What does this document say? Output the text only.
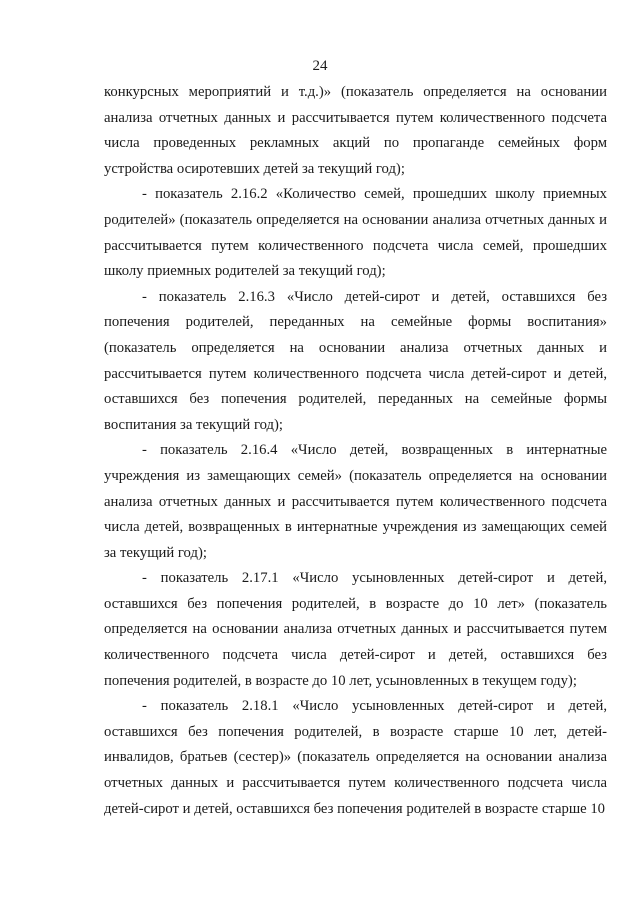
24

конкурсных мероприятий и т.д.)» (показатель определяется на основании анализа отчетных данных и рассчитывается путем количественного подсчета числа проведенных рекламных акций по пропаганде семейных форм устройства осиротевших детей за текущий год);

- показатель 2.16.2 «Количество семей, прошедших школу приемных родителей» (показатель определяется на основании анализа отчетных данных и рассчитывается путем количественного подсчета числа семей, прошедших школу приемных родителей за текущий год);

- показатель 2.16.3 «Число детей-сирот и детей, оставшихся без попечения родителей, переданных на семейные формы воспитания» (показатель определяется на основании анализа отчетных данных и рассчитывается путем количественного подсчета числа детей-сирот и детей, оставшихся без попечения родителей, переданных на семейные формы воспитания за текущий год);

- показатель 2.16.4 «Число детей, возвращенных в интернатные учреждения из замещающих семей» (показатель определяется на основании анализа отчетных данных и рассчитывается путем количественного подсчета числа детей, возвращенных в интернатные учреждения из замещающих семей за текущий год);

- показатель 2.17.1 «Число усыновленных детей-сирот и детей, оставшихся без попечения родителей, в возрасте до 10 лет» (показатель определяется на основании анализа отчетных данных и рассчитывается путем количественного подсчета числа детей-сирот и детей, оставшихся без попечения родителей, в возрасте до 10 лет, усыновленных в текущем году);

- показатель 2.18.1 «Число усыновленных детей-сирот и детей, оставшихся без попечения родителей, в возрасте старше 10 лет, детей-инвалидов, братьев (сестер)» (показатель определяется на основании анализа отчетных данных и рассчитывается путем количественного подсчета числа детей-сирот и детей, оставшихся без попечения родителей в возрасте старше 10
